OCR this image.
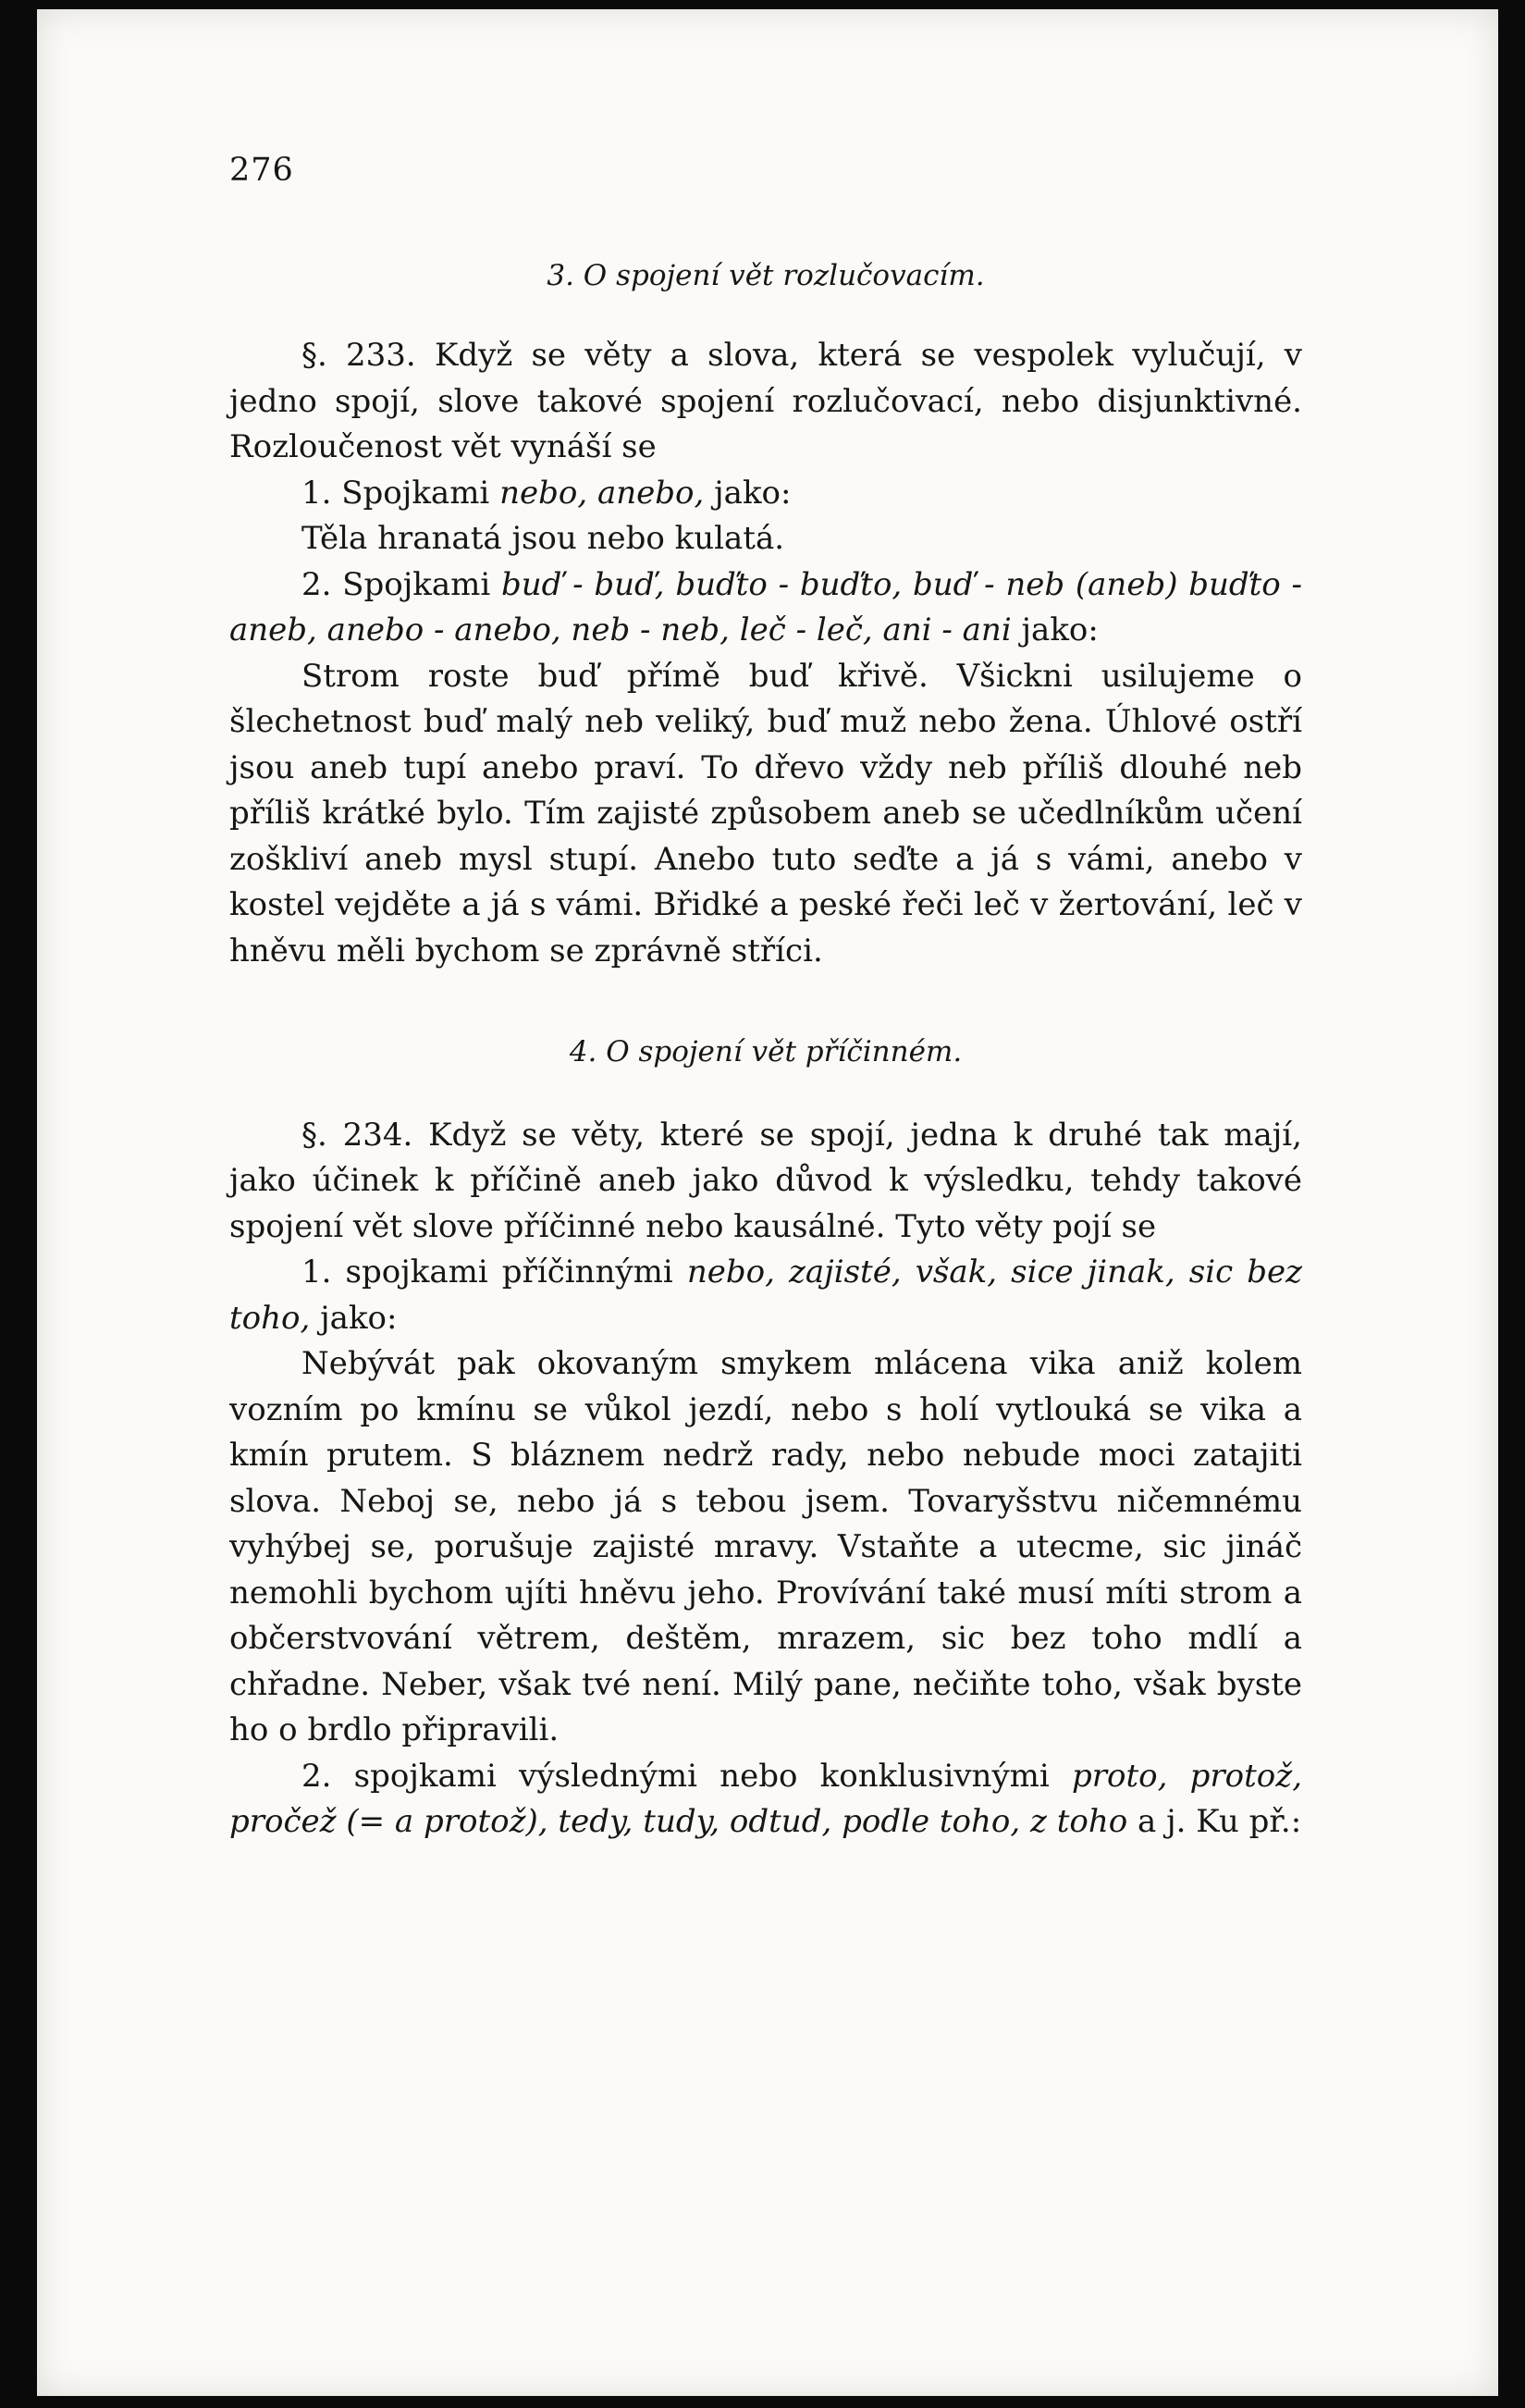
276
3. O spojení vět rozlučovacím.

§. 233. Když se věty a slova, která se vespolek vylučují, v jedno spojí, slove takové spojení rozlučovací, nebo disjunktivné. Rozloučenost vět vynáší se

1. Spojkami nebo, anebo, jako:

Těla hranatá jsou nebo kulatá.

2. Spojkami buď - buď, buďto - buďto, buď - neb (aneb) buďto - aneb, anebo - anebo, neb - neb, leč - leč, ani - ani jako:

Strom roste buď přímě buď křivě. Všickni usilujeme o šlechetnost buď malý neb veliký, buď muž nebo žena. Úhlové ostří jsou aneb tupí anebo praví. To dřevo vždy neb příliš dlouhé neb příliš krátké bylo. Tím zajisté způsobem aneb se učedlníkům učení zoškliví aneb mysl stupí. Anebo tuto seďte a já s vámi, anebo v kostel vejděte a já s vámi. Břidké a peské řeči leč v žertování, leč v hněvu měli bychom se zprávně stříci.

4. O spojení vět příčinném.

§. 234. Když se věty, které se spojí, jedna k druhé tak mají, jako účinek k příčině aneb jako důvod k výsledku, tehdy takové spojení vět slove příčinné nebo kausálné. Tyto věty pojí se

1. spojkami příčinnými nebo, zajisté, však, sice jinak, sic bez toho, jako:

Nebývát pak okovaným smykem mlácena vika aniž kolem vozním po kmínu se vůkol jezdí, nebo s holí vytlouká se vika a kmín prutem. S bláznem nedrž rady, nebo nebude moci zatajiti slova. Neboj se, nebo já s tebou jsem. Tovaryšstvu ničemnému vyhýbej se, porušuje zajisté mravy. Vstaňte a utecme, sic jináč nemohli bychom ujíti hněvu jeho. Provívání také musí míti strom a občerstvování větrem, deštěm, mrazem, sic bez toho mdlí a chřadne. Neber, však tvé není. Milý pane, nečiňte toho, však byste ho o brdlo připravili.

2. spojkami výslednými nebo konklusivnými proto, protož, pročež (= a protož), tedy, tudy, odtud, podle toho, z toho a j. Ku př.:
